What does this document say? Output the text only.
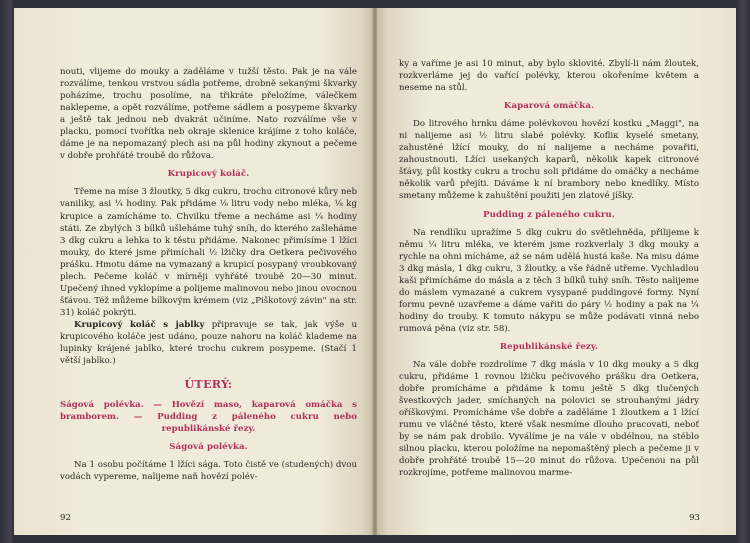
nouti, vlijeme do mouky a zaděláme v tužší těsto. Pak je na vále rozválíme, tenkou vrstvou sádla potřeme, drobně sekanými škvarky poházíme, trochu posolíme, na třikráte přeložíme, válečkem naklepeme, a opět rozválíme, potřeme sádlem a posypeme škvarky a ještě tak jednou neb dvakrát učiníme. Nato rozválíme vše v placku, pomocí tvořítka neb okraje sklenice krájíme z toho koláče, dáme je na nepomazaný plech asi na půl hodiny zkynout a pečeme v dobře prohřáté troubě do růžova.

Krupicový koláč.

Třeme na míse 3 žloutky, 5 dkg cukru, trochu citronové kůry neb vaniliky, asi ¼ hodiny. Pak přidáme ⅛ litru vody nebo mléka, ⅛ kg krupice a zamícháme to. Chvilku třeme a necháme asi ¼ hodiny státi. Ze zbylých 3 bílků ušleháme tuhý sníh, do kterého zašleháme 3 dkg cukru a lehka to k těstu přidáme. Nakonec přimísíme 1 lžíci mouky, do které jsme přimíchali ½ lžičky dra Oetkera pečivového prášku. Hmotu dáme na vymazaný a krupicí posypaný vroubkovaný plech. Pečeme koláč v mírněji vyhřáté troubě 20—30 minut. Upečený ihned vyklopíme a polijeme malinovou nebo jinou ovocnou šťávou. Též můžeme bílkovým krémem (viz „Piškotový závin" na str. 31) koláč pokrýti.

Krupicový koláč s jablky připravuje se tak, jak výše u krupicového koláče jest udáno, pouze nahoru na koláč klademe na lupinky krájené jablko, které trochu cukrem posypeme. (Stačí 1 větší jablko.)

ÚTERÝ:
Ságová polévka. — Hovězí maso, kaparová omáčka s bramborem. — Pudding z páleného cukru nebo republikánské řezy.
Ságová polévka.

Na 1 osobu počítáme 1 lžíci sága. Toto čistě ve (studených) dvou vodách vypereme, nalijeme naň hovězí polév-

92

ky a vaříme je asi 10 minut, aby bylo sklovité. Zbylí-li nám žloutek, rozkverláme jej do vařící polévky, kterou okořeníme květem a neseme na stůl.

Kaparová omáčka.

Do litrového hrnku dáme polévkovou hovězí kostku „Maggi", na ni nalijeme asi ½ litru slabé polévky. Kofliк kyselé smetany, zahustěné lžící mouky, do ní nalijeme a necháme povařiti, zahoustnouti. Lžíci usekaných kaparů, několik kapek citronové šťávy, půl kostky cukru a trochu soli přidáme do omáčky a necháme několik varů přejíti. Dáváme k ní brambory nebo knedlíky. Místo smetany můžeme k zahuštění použiti jen zlatové jíšky.

Pudding z páleného cukru.

Na rendlíku upražíme 5 dkg cukru do světlehněda, přilijeme k němu ¼ litru mléka, ve kterém jsme rozkverlaly 3 dkg mouky a rychle na ohni mícháme, až se nám udělá hustá kaše. Na misu dáme 3 dkg másla, 1 dkg cukru, 3 žloutky, a vše řádně utřeme. Vychladlou kaši přimícháme do másla a z těch 3 bílků tuhý sníh. Těsto nalijeme do máslem vymazané a cukrem vysypané puddingové formy. Nyní formu pevně uzavřeme a dáme vařiti do páry ½ hodiny a pak na ¼ hodiny do trouby. K tomuto nákypu se může podávati vinná nebo rumová pěna (viz str. 58).

Republikánské řezy.

Na vále dobře rozdrolíme 7 dkg másla v 10 dkg mouky a 5 dkg cukru, přidáme 1 rovnou lžičku pečivového prášku dra Oetkera, dobře promícháme a přidáme k tomu ještě 5 dkg tlučených švestkových jader, smíchaných na polovici se strouhanými jádry oříškovými. Promícháme vše dobře a zaděláme 1 žloutkem a 1 lžící rumu ve vláčné těsto, které však nesmíme dlouho pracovati, neboť by se nám pak drobilo. Vyválíme je na vále v obdélnou, na stéblo silnou placku, kterou položíme na nepomaštěný plech a pečeme ji v dobře prohřáté troubě 15—20 minut do růžova. Upečenou na půl rozkrojíme, potřeme malinovou marme-

93
